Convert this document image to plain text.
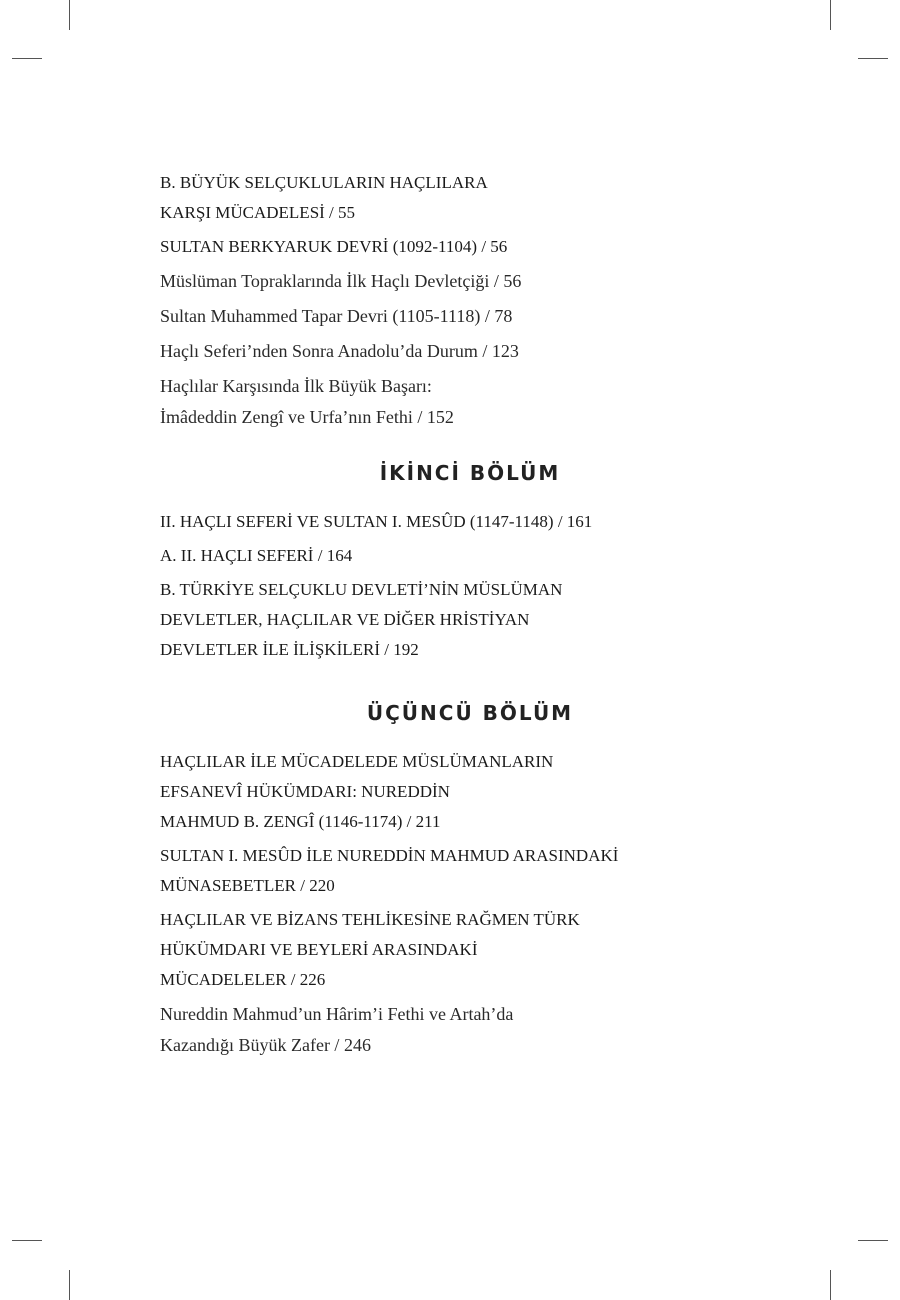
B. BÜYÜK SELÇUKLULARIN HAÇLILARA
KARŞI MÜCADELESİ / 55
SULTAN BERKYARUK DEVRİ (1092-1104) / 56
Müslüman Topraklarında İlk Haçlı Devletçiği / 56
Sultan Muhammed Tapar Devri (1105-1118) / 78
Haçlı Seferi’nden Sonra Anadolu’da Durum / 123
Haçlılar Karşısında İlk Büyük Başarı:
İmâdeddin Zengî ve Urfa’nın Fethi / 152
İKİNCİ BÖLÜM
II. HAÇLI SEFERİ VE SULTAN I. MESÛD (1147-1148) / 161
A. II. HAÇLI SEFERİ / 164
B. TÜRKİYE SELÇUKLU DEVLETİ’NİN MÜSLÜMAN
DEVLETLER, HAÇLILAR VE DİĞER HRİSTİYAN
DEVLETLER İLE İLİŞKİLERİ / 192
ÜÇÜNCÜ BÖLÜM
HAÇLILAR İLE MÜCADELEDE MÜSLÜMANLARIN
EFSANEVÎ HÜKÜMDARI: NUREDDİN
MAHMUD B. ZENGÎ (1146-1174) / 211
SULTAN I. MESÛD İLE NUREDDİN MAHMUD ARASINDAKİ
MÜNASEBETLER / 220
HAÇLILAR VE BİZANS TEHLİKESİNE RAĞMEN TÜRK
HÜKÜMDARI VE BEYLERİ ARASINDAKİ
MÜCADELELER / 226
Nureddin Mahmud’un Hârim’i Fethi ve Artah’da
Kazandığı Büyük Zafer / 246
